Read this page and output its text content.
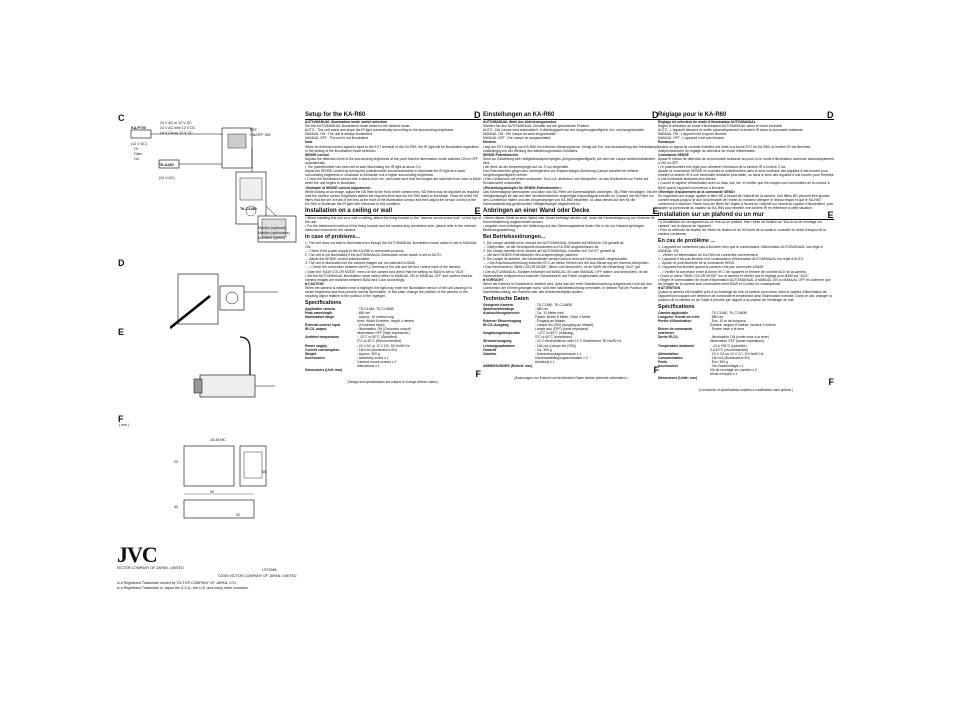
C
D
E
F
KA-P700
24 V AC or 12 V DC
24 V AC wire 12 V DC
24 V CA ou 12 V CC
(12 V DC)
Or
Oder
Ou
TK-A260
(24 V AC)
EXT
ON/OFF SW
TK-C1480
Monitor (optional)
Monitor (optionales)
Moniteur (option)
( mm )
16-45 MC
20
90
66
60
52
JVC
VICTOR COMPANY OF JAPAN, LIMITED	LST0086
©2000 VICTOR COMPANY OF JAPAN, LIMITED
is a Registered Trademark owned by VICTOR COMPANY OF JAPAN, LTD.
is a Registered Trademark in Japan the U.S.A., the U.K. and many other countries.
Setup for the KA-R60	D

AUTO/MANUAL illumination mode switch selection

Set the AUTO/MANUAL illumination mode switch to the desired mode.

AUTO : This unit starts and stops the IR light automatically according to the surrounding brightness.

MANUAL ON : The unit is always illuminated.

MANUAL OFF : The unit is not illuminated.

Note

When an external control signal is input to the EXT terminal of the KA-R60, the IR light will be illuminated regardless of the setting of the illumination mode selection.

SENSE control

Adjusts the detection level of the surrounding brightness at the point that the illumination mode switches ON or OFF automatically.

• The potentiometer has been set to start illuminating the IR light at about 2 lx.

Adjust the SENSE control by turning the potentiometer counterclockwise to illuminate the IR light at a lower surrounding brightness or clockwise to illuminate it at a higher surrounding brightness.

• Cover the illumination sensor with a black cloth, etc. and make sure that the images are switched from color to B&W when the unit begins to illuminate.

<Example of SENSE control adjustment>

While looking at an image, adjust the ND filter at the front of the camera lens. ND filters may be adjusted as required until the monitor screen brightness attains the required level and the KA-R60 starts to illuminate. Place all of the ND filters that are set in front of the lens at the front of the illumination sensor and then adjust the sensor control of the KA-R60 to illuminate the IR light with reference to this condition.

Installation on a ceiling or wall	E

• When installing this unit on a wall or ceiling, attach the fixing bracket to the "camera mount screw hole" on the top of the unit.

• For the attachment method of the fixing bracket and the camera stop prevention wire, please refer to the relevant instruction manual for the camera.

In case of problems...

1. The unit does not start to illuminate even though the AUTO/MANUAL illumination mode switch is set to MANUAL ON.

→ Check if the power supply to the KA-R60 is connected properly.

2. The unit is not illuminated if the AUTO/MANUAL illumination mode switch is set to AUTO.

→ Adjust the SENSE control potentiometer.

3. The unit is illuminated but the camera images are not switched to B&W.

→ • Check the connection between the IR-C terminal of the unit and the Aux control input of the camera.

• Open the "B&W COLOR MODE" menu on the camera and check that the setting for B&W is set to "AUX".

• Set the AUTO/MANUAL illumination mode switch either to MANUAL ON or MANUAL OFF and confirm that the camera images are switched between B&W and Color accordingly.

■ CAUTION

When the camera is installed near a highlight, the light may enter the illumination sensor of the unit causing it to sense brightness and thus prevent normal illumination. In this case, change the position of the camera or the shooting object relative to the position of the highlight.

Specifications
Applicable camera	: TK-C1480, TK-C1460B
Peak wavelength	: 880 nm
Illumination range	: Approx. 10 meters long
Area: Width 8 meters, height 4 meters
External control input	: (Grounded input)
IR-C/L output	: Illumination ON (Grounded output)
Illumination OFF (High impedance)
Ambient temperature	: -10°C to 50°C (Specified)
0°C to 40°C (Recommended)
Power supply	: 24 V AC or 12 V DC, 50 Hz/60 Hz
Current consumption	: 160 mA (Illumination ON)
Weight	: Approx. 300 g
Accessories	: Assembly screw x 1
Camera mount screws x 2
Instructions x 1
Dimensions (Unit: mm)	F
(Design and specifications are subject to change without notice.)
Einstellungen an KA-R60	D

AUTO/MANUAL Wahl des Aktivierungsmodus

Wählen Sie den AUTO/MANUAL-Schalter auf die gewünschte Position.

AUTO : Die Lampe wird automatisch, in Abhängigkeit von der Umgebungshelligkeit, ein- und ausgeschaltet.

MANUAL ON : Die Lampe ist stets eingeschaltet.

MANUAL OFF : Die Lampe ist ausgeschaltet.

Hinweis

Liegt am EXT-Eingang von KA-R60 ein externes Steuersignal an, erfolgt die Ein- und Ausschaltung des Infrarotlampe unabhängig von der Stellung des Aktivierungsmodus-Schalters.

SENSE-Potentiometer

Dient zur Einstellung des Helligkeitsansprechpegels (Umgebungshelligkeit), bei dem die Lampe aktiviert/deaktiviert wird.

• Ab Werk ist der Ansprechpegel auf ca. 2 Lux eingestellt.

Das Potentiometer gegen den Uhrzeigersinn zur Ansprechpegel-Anhebung (Lampe schaltet bei höherer Umgebungshelligkeit) drehen.

• Den Lichtsensor mit einem schwarzen Tuch o.ä. abdecken und überprüfen, ob das Monitorbild von Farbe auf Schwarzweiß umschaltet.

<Einstellungsbeispiel für SENSE-Potentiometer>

Das Kamerasignal überwachen und dann das ND-Filter am Kameraobjektiv anbringen. ND-Filter hinzufügen, bis der Helligkeitspegel für das auf dem Monitorbildschirm angezeigte Kamerasignal erreicht ist. Danach die ND-Filter vor den Lichtsensor halten und den Ansprechpegel von KA-R60 einstellen, so dass dieses auf den für die Kameraaktivierung gewünschten Helligkeitspegel abgestimmt ist.

Anbringen an einer Wand oder Decke	E

• Wenn dieses Gerät an einer Wand oder Decke befestigt werden soll, muss die Kameraträgerung am Gewinde für Kamerahalterung angeschraubt werden.

• Angaben zum Anbringen der Halterung und des Sicherungskabels finden Sie in der zur Kamera gehörigen Bedienungsanleitung.

Bei Betriebsstörungen...

1. Die Lampe arbeitet nicht, obwohl der AUTO/MANUAL-Schalter auf MANUAL ON gestellt ist.

→ Überprüfen, ob die Stromquelle einwandfrei an KA-R60 angeschlossen ist.

2. Die Lampe arbeitet nicht, obwohl der AUTO/MANUAL-Schalter auf "AUTO" gestellt ist.

→ Mit dem SENSE-Potentiometer den Ansprechpegel justieren.

3. Die Lampe ist aktiviert, die Kamerabilder werden jedoch nicht auf Schwarzweiß umgeschaltet.

→ • Die Anschlussverbindung zwischen IR-C an dieser Einheit und der Aux-Steuerung der Kamera überprüfen.

• Das Kameramenü "B&W COLOR MODE" öffnen und überprüfen, ob für B&W die Einstellung "AUX" gilt.

• Den AUTO/MANUAL-Schalter entweder auf MANUAL ON oder MANUAL OFF stellen und überprüfen, ob die Kamerabilder entsprechend zwischen Schwarzweiß und Farbe umgeschaltet werden.

■ VORSICHT

Wenn die Kamera im Nahbereich montiert wird, dass das von einer Nachtbeleuchtung ausgehende Licht auf den Lichtsensor der Einheit gelangen kann, wird eine Nachtbeleuchtung verhindert. In diesem Fall die Position der Nachtbeleuchtung, der Kamera oder des Aufnahmeobjekts ändern.

Technische Daten
Geeignete Kamera	: TK-C1480, TK-C1460B
Spitzenwellenlänge	: 880 nm
Ausleuchtungsbereich	: Ca. 10 Meter weit
Fläche: Breite 8 Meter, Höhe 4 Meter
Externer Steuereingang	: Eingang an Masse
IR-C/L-Ausgang	: Lampe ein (ON) (Ausgang an Masse),
Lampe aus (OFF) (hohe Impedanz)
Umgebungstemperatur	: -10°C to 50°C (zulässig),
0°C to 40°C (empfohlen)
Stromversorgung	: 24 V Wechselstrom oder 12 V Gleichstrom, 50 Hz/60 Hz
Leistungsaufnahme	: 160 mA (Lampe ein (ON))
Gewicht	: Ca. 300 g
Zubehör	: Kameramontageschraube x 1
Kameraaufhängungsschrauben x 2
Anleitung x 1
ABMESSUNGEN (Einheit: mm)	F
(Änderungen von Entwurf und technischen Daten bleiben jederzeit vorbehalten.)
Réglage pour le KA-R60	D

Réglage du sélecteur de mode d'illumination AUTO/MANUAL

Régler le sélecteur de mode d'illumination AUTO/MANUAL selon le mode souhaité.

AUTO : L'appareil démarre et arrête automatiquement la lumière IR selon la luminosité ambiante.

MANUAL ON : L'appareil est toujours illuminé.

MANUAL OFF : L'appareil n'est pas illuminé.

Remarque

Quand un signal de contrôle extérieur est entré à la borne EXT du KA-R60, la lumière IR est illuminée indépendamment du réglage du sélecteur du mode d'illumination.

Commande SENSE

Ajuste le niveau de détection de la luminosité ambiante au point où le mode d'illumination commute automatiquement à ON ou OFF.

• Le potentiomètre est réglé pour démarrer l'émission de la lumière IR à environ 2 lux.

Ajuster la commande SENSE en tournant le potentiomètre dans le sens contraire des aiguilles d'une montre pour émettre la lumière IR à une luminosité ambiante plus faible, ou dans le sens des aiguilles d'une montre pour l'émettre à une luminosité ambiante plus élevée.

• Couvrir le capteur d'illumination avec un tissu noir, etc. et vérifier que les images sont commutées de la couleur à B&W quand l'appareil commence à illuminer.

<Exemple d'ajustement de la commande SENS>

En regardant une image, ajuster le filtre ND à l'avant de l'objectif de la caméra. Des filtres ND peuvent être ajoutés comme requis jusqu'à ce que la luminosité de l'écran du moniteur atteigne le niveau requis et que le KA-R60 commence à illuminer. Placer tous les filtres ND réglés à l'avant de l'objectif sur l'avant du capteur d'illumination, puis ajuster la commande du capteur du KA-R60 pour émettre une lumière IR en référence à cette situation.

Installation sur un plafond ou un mur	E

• A l'installation de cet appareil sur un mur ou un plafond, fixer l'étrier de fixation au "trou à vis de montage sur caméra" sur le dessus de l'appareil.

• Pour la méthode de fixation de l'étrier de fixation et du fil d'arrêt de la caméra, consulter le mode d'emploi de la caméra concernée.

En cas de problème ...

1. L'appareil ne commence pas à illuminer bien que le commutateur d'illumination AUTO/MANUAL soit réglé à MANUAL ON.

→ Vérifier si l'alimentation du KA-R60 est connectée correctement.

2. L'appareil n'est pas illuminé si le commutateur d'illumination AUTO/MANUAL est réglé à AUTO.

→ Ajuster le potentiomètre de la commande SENS.

3. L'appareil est illuminé quand la caméra n'est pas commutée à B&W.

→ • Vérifier la connexion entre la borne IR-C de l'appareil et l'entrée de contrôle AUX de la caméra.

• Ouvrir le menu "B&W COLOR MODE" sur la caméra et vérifier que le réglage pour B&W est "AUX".

• Régler le commutateur de mode d'illumination AUTO/MANUAL à MANUAL ON ou MANUAL OFF et confirmer que les images de la caméra sont commutées entre B&W et Couleur en conséquence.

■ ATTENTION

Quand la caméra est installée près d'un éclairage de nuit, la lumière peut entrer dans le capteur d'illumination de l'appareil provoquant une détection de luminosité et empêchant ainsi l'illumination normale. Dans ce cas, changer la position de la caméra ou de l'objet à prendre par rapport à la position de l'éclairage de nuit.

Spécifications
Caméra applicable	: TK-C1480, TK-C1460B
Longueur d'onde de crête	: 880 nm
Portée d'illumination	: Env. 10 m de longueur
Surface: largeur 8 mètres, hauteur 4 mètres
Entrée de commande extérieure
: Entrée mise à la terre
Sortie IR-C/L	: Illumination ON (sortie mise à la terre)
Illumination OFF (haute impédance)
Température ambiante	: -10 à +50°C (spécifiée)
0 à 40°C (recommandée)
Alimentation	: 24 V CA ou 12 V CC, 50 Hz/60 Hz
Consommation	: 160 mA (Illumination ON)
Poids	: Env. 300 g
Accessoires	: Vis d'assemblage x 1
Vis de montage sur caméra x 2
Mode d'emploi x 1
Dimensions (Unité: mm)	F
(Conception et spécifications sujettes à modification sans préavis.)
